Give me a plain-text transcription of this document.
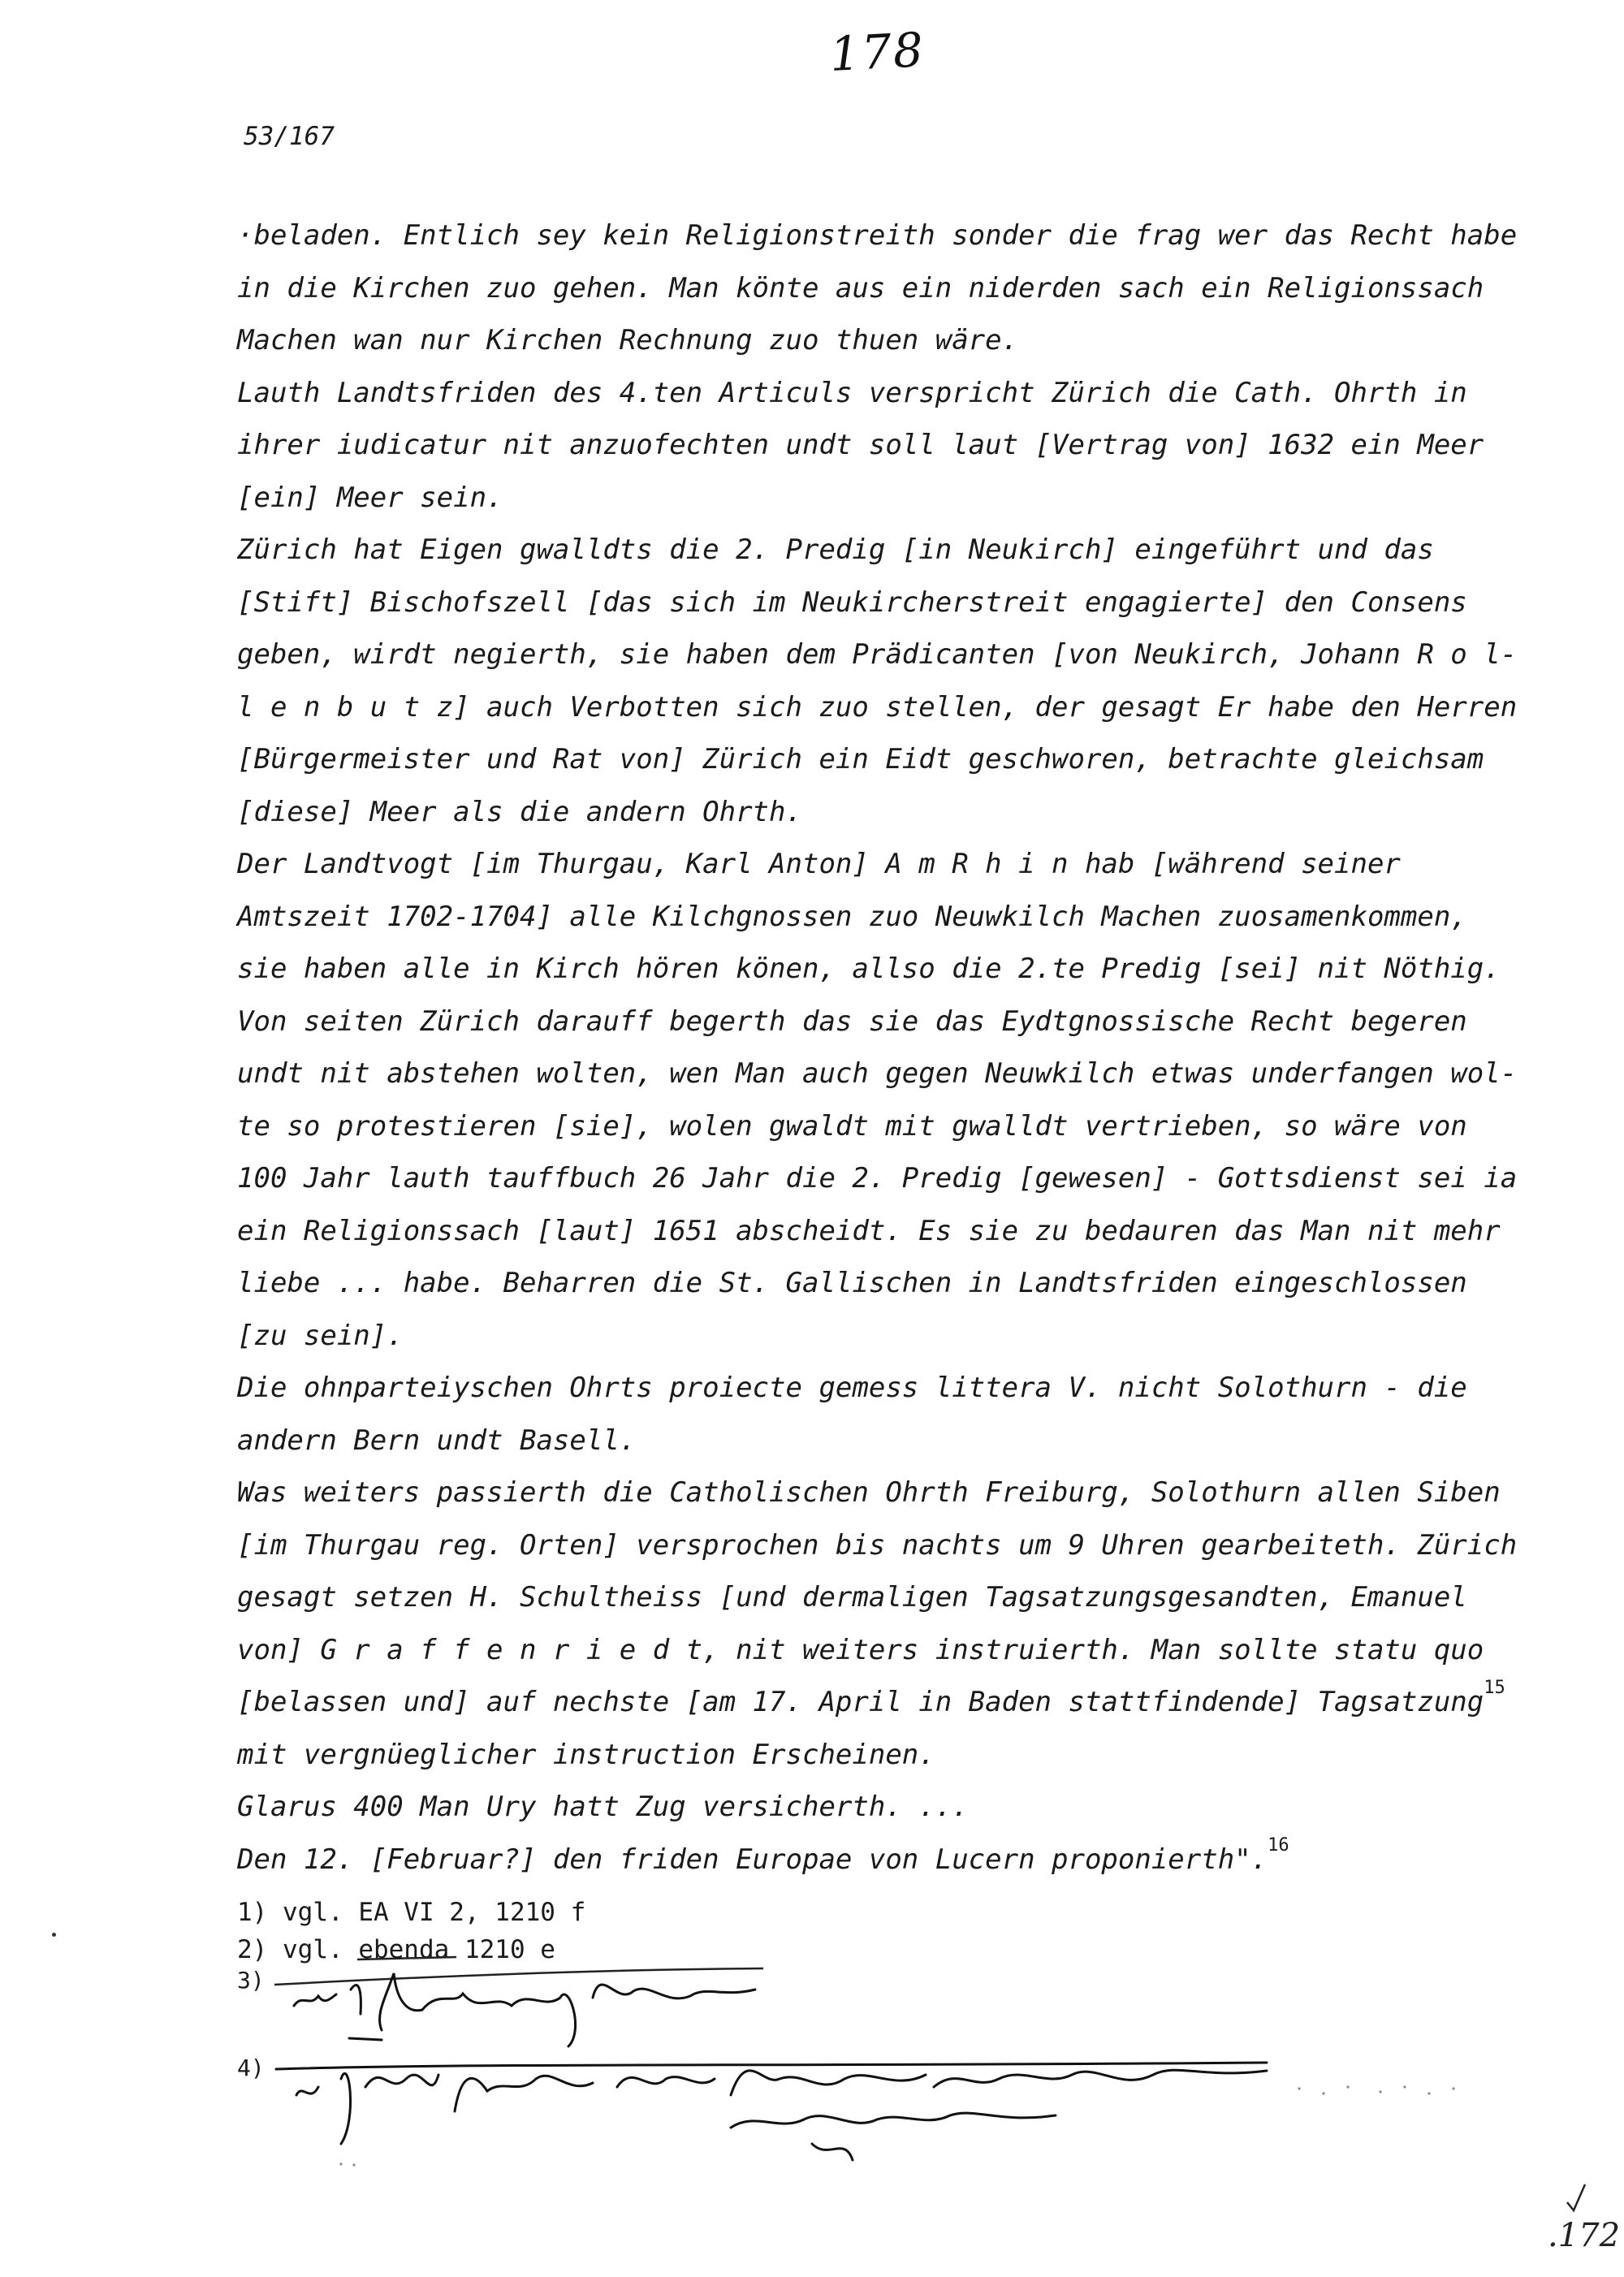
178
53/167
·beladen. Entlich sey kein Religionstreith sonder die frag wer das Recht habe
in die Kirchen zuo gehen. Man könte aus ein niderden sach ein Religionssach
Machen wan nur Kirchen Rechnung zuo thuen wäre.
Lauth Landtsfriden des 4.ten Articuls verspricht Zürich die Cath. Ohrth in
ihrer iudicatur nit anzuofechten undt soll laut [Vertrag von] 1632 ein Meer
[ein] Meer sein.
Zürich hat Eigen gwalldts die 2. Predig [in Neukirch] eingeführt und das
[Stift] Bischofszell [das sich im Neukircherstreit engagierte] den Consens
geben, wirdt negierth, sie haben dem Prädicanten [von Neukirch, Johann R o l-
l e n b u t z] auch Verbotten sich zuo stellen, der gesagt Er habe den Herren
[Bürgermeister und Rat von] Zürich ein Eidt geschworen, betrachte gleichsam
[diese] Meer als die andern Ohrth.
Der Landtvogt [im Thurgau, Karl Anton] A m R h i n hab [während seiner
Amtszeit 1702-1704] alle Kilchgnossen zuo Neuwkilch Machen zuosamenkommen,
sie haben alle in Kirch hören könen, allso die 2.te Predig [sei] nit Nöthig.
Von seiten Zürich darauff begerth das sie das Eydtgnossische Recht begeren
undt nit abstehen wolten, wen Man auch gegen Neuwkilch etwas underfangen wol-
te so protestieren [sie], wolen gwaldt mit gwalldt vertrieben, so wäre von
100 Jahr lauth tauffbuch 26 Jahr die 2. Predig [gewesen] - Gottsdienst sei ia
ein Religionssach [laut] 1651 abscheidt. Es sie zu bedauren das Man nit mehr
liebe ... habe. Beharren die St. Gallischen in Landtsfriden eingeschlossen
[zu sein].
Die ohnparteiyschen Ohrts proiecte gemess littera V. nicht Solothurn - die
andern Bern undt Basell.
Was weiters passierth die Catholischen Ohrth Freiburg, Solothurn allen Siben
[im Thurgau reg. Orten] versprochen bis nachts um 9 Uhren gearbeiteth. Zürich
gesagt setzen H. Schultheiss [und dermaligen Tagsatzungsgesandten, Emanuel
von] G r a f f e n r i e d t, nit weiters instruierth. Man sollte statu quo
[belassen und] auf nechste [am 17. April in Baden stattfindende] Tagsatzung$^{15}$
mit vergnüeglicher instruction Erscheinen.
Glarus 400 Man Ury hatt Zug versicherth. ...
Den 12. [Februar?] den friden Europae von Lucern proponierth".$^{16}$
1) vgl. EA VI 2, 1210 f
2) vgl. ebenda 1210 e
3)
4)
.172
